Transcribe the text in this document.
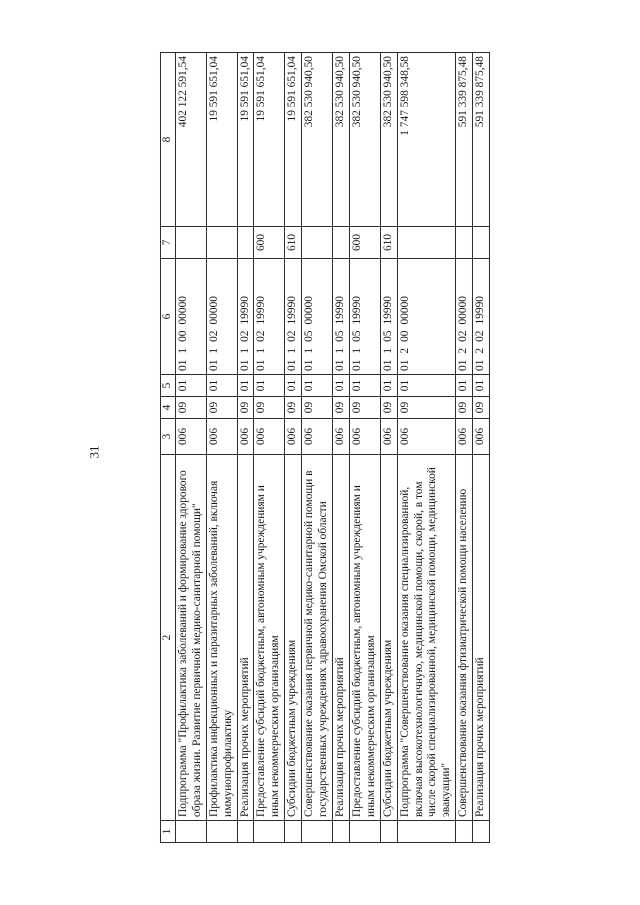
31
1	2	3	4	5	6	7	8
	Подпрограмма "Профилактика заболеваний и формирование здорового образа жизни. Развитие первичной медико-санитарной помощи"	006	09	01	0110000000		402 122 591,54
	Профилактика инфекционных и паразитарных заболеваний, включая иммунопрофилактику	006	09	01	0110200000		19 591 651,04
	Реализация прочих мероприятий	006	09	01	0110219990		19 591 651,04
	Предоставление субсидий бюджетным, автономным учреждениям и иным некоммерческим организациям	006	09	01	0110219990	600	19 591 651,04
	Субсидии бюджетным учреждениям	006	09	01	0110219990	610	19 591 651,04
	Совершенствование оказания первичной медико-санитарной помощи в государственных учреждениях здравоохранения Омской области	006	09	01	0110500000		382 530 940,50
	Реализация прочих мероприятий	006	09	01	0110519990		382 530 940,50
	Предоставление субсидий бюджетным, автономным учреждениям и иным некоммерческим организациям	006	09	01	0110519990	600	382 530 940,50
	Субсидии бюджетным учреждениям	006	09	01	0110519990	610	382 530 940,50
	Подпрограмма "Совершенствование оказания специализированной, включая высокотехнологичную, медицинской помощи, скорой, в том числе скорой специализированной, медицинской помощи, медицинской эвакуации"	006	09	01	0120000000		1 747 598 348,58
	Совершенствование оказания фтизиатрической помощи населению	006	09	01	0120200000		591 339 875,48
	Реализация прочих мероприятий	006	09	01	0120219990		591 339 875,48
